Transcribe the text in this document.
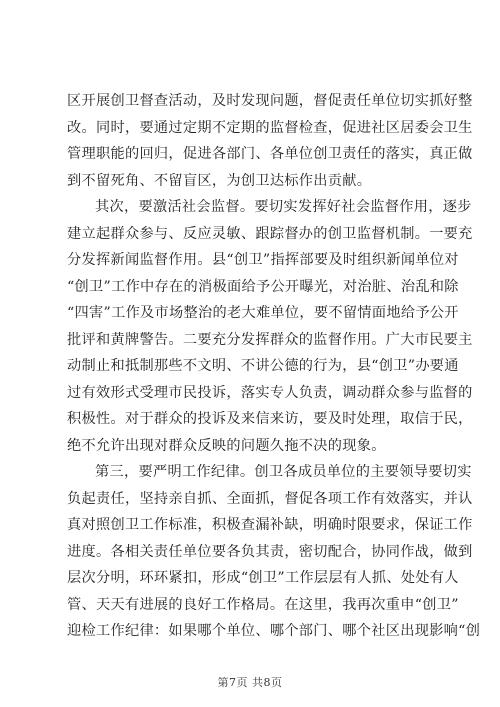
区开展创卫督查活动，及时发现问题，督促责任单位切实抓好整
改。同时，要通过定期不定期的监督检查，促进社区居委会卫生
管理职能的回归，促进各部门、各单位创卫责任的落实，真正做
到不留死角、不留盲区，为创卫达标作出贡献。
其次，要激活社会监督。要切实发挥好社会监督作用，逐步
建立起群众参与、反应灵敏、跟踪督办的创卫监督机制。一要充
分发挥新闻监督作用。县“创卫”指挥部要及时组织新闻单位对
“创卫”工作中存在的消极面给予公开曝光，对治脏、治乱和除
“四害”工作及市场整治的老大难单位，要不留情面地给予公开
批评和黄牌警告。二要充分发挥群众的监督作用。广大市民要主
动制止和抵制那些不文明、不讲公德的行为，县“创卫”办要通
过有效形式受理市民投诉，落实专人负责，调动群众参与监督的
积极性。对于群众的投诉及来信来访，要及时处理，取信于民，
绝不允许出现对群众反映的问题久拖不决的现象。
第三，要严明工作纪律。创卫各成员单位的主要领导要切实
负起责任，坚持亲自抓、全面抓，督促各项工作有效落实，并认
真对照创卫工作标准，积极查漏补缺，明确时限要求，保证工作
进度。各相关责任单位要各负其责，密切配合，协同作战，做到
层次分明，环环紧扣，形成“创卫”工作层层有人抓、处处有人
管、天天有进展的良好工作格局。在这里，我再次重申“创卫”
迎检工作纪律：如果哪个单位、哪个部门、哪个社区出现影响“创
第7页 共8页
